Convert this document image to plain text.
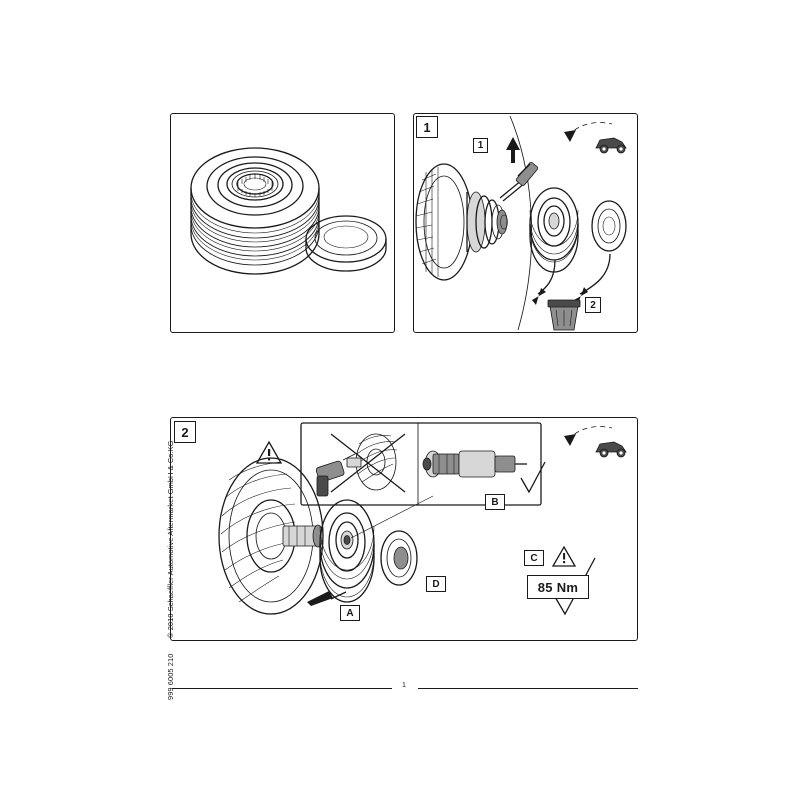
1
1
2
2
A
B
C
D	85 Nm
© 2010 Schaeffler Automotive Aftermarket GmbH & Co.KG
999 6005 210	1
